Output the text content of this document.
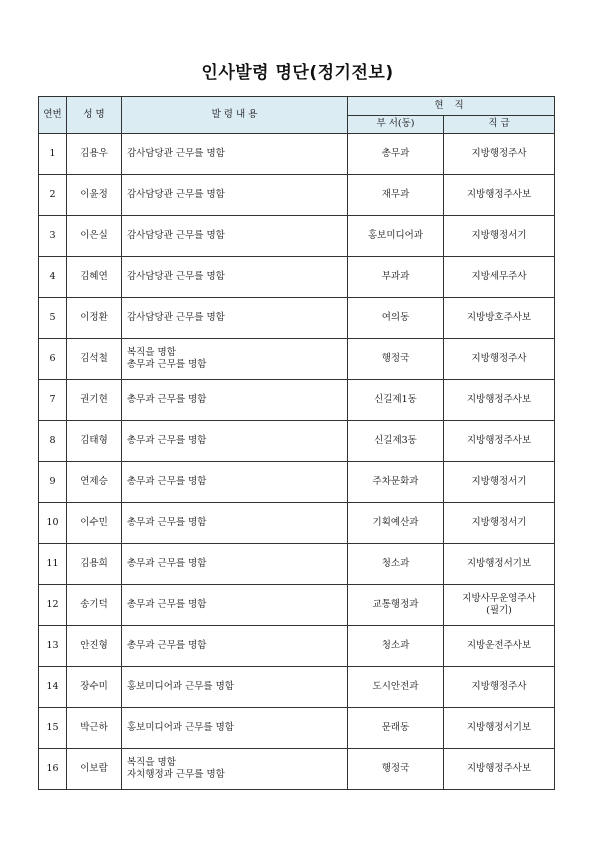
인사발령 명단(정기전보)
연번	성 명	발 령 내 용	현 직	
			부 서(동)	직 급
1	김용우	감사담당관 근무를 명함	총무과	지방행정주사

2	이윤정	감사담당관 근무를 명함	재무과	지방행정주사보

3	이은실	감사담당관 근무를 명함	홍보미디어과	지방행정서기

4	김혜연	감사담당관 근무를 명함	부과과	지방세무주사

5	이정환	감사담당관 근무를 명함	여의동	지방방호주사보

6	김석철	복직을 명함
총무과 근무를 명함	행정국	지방행정주사

7	권기현	총무과 근무를 명함	신길제1동	지방행정주사보

8	김태형	총무과 근무를 명함	신길제3동	지방행정주사보

9	연제승	총무과 근무를 명함	주차문화과	지방행정서기

10	이수민	총무과 근무를 명함	기획예산과	지방행정서기

11	김용희	총무과 근무를 명함	청소과	지방행정서기보

12	송기덕	총무과 근무를 명함	교통행정과	지방사무운영주사
(필기)

13	안진형	총무과 근무를 명함	청소과	지방운전주사보

14	장수미	홍보미디어과 근무를 명함	도시안전과	지방행정주사

15	박근하	홍보미디어과 근무를 명함	문래동	지방행정서기보

16	이보람	복직을 명함
자치행정과 근무를 명함	행정국	지방행정주사보
